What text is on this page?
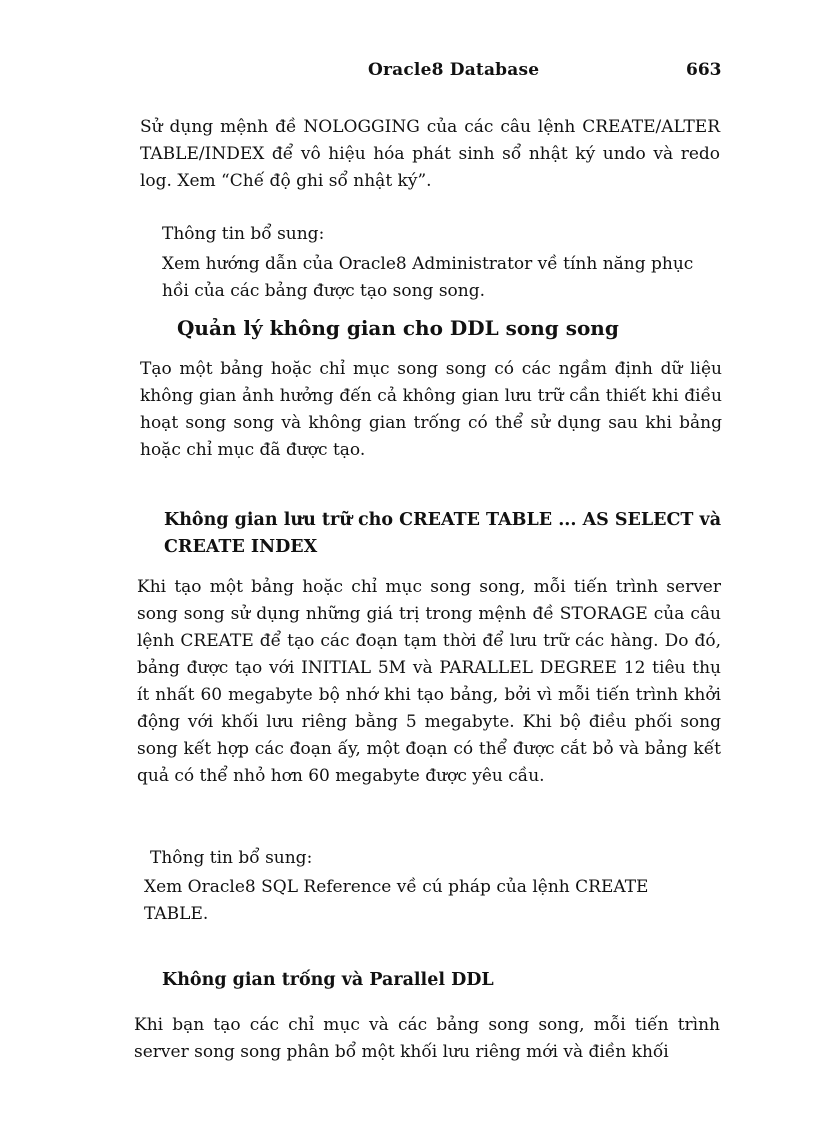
Oracle8 Database	663

Sử dụng mệnh đề NOLOGGING của các câu lệnh CREATE/ALTER TABLE/INDEX để vô hiệu hóa phát sinh sổ nhật ký undo và redo log. Xem “Chế độ ghi sổ nhật ký”.

Thông tin bổ sung:

Xem hướng dẫn của Oracle8 Administrator về tính năng phục hồi của các bảng được tạo song song.

Quản lý không gian cho DDL song song

Tạo một bảng hoặc chỉ mục song song có các ngầm định dữ liệu không gian ảnh hưởng đến cả không gian lưu trữ cần thiết khi điều hoạt song song và không gian trống có thể sử dụng sau khi bảng hoặc chỉ mục đã được tạo.

Không gian lưu trữ cho CREATE TABLE ... AS SELECT và CREATE INDEX

Khi tạo một bảng hoặc chỉ mục song song, mỗi tiến trình server song song sử dụng những giá trị trong mệnh đề STORAGE của câu lệnh CREATE để tạo các đoạn tạm thời để lưu trữ các hàng. Do đó, bảng được tạo với INITIAL 5M và PARALLEL DEGREE 12 tiêu thụ ít nhất 60 megabyte bộ nhớ khi tạo bảng, bởi vì mỗi tiến trình khởi động với khối lưu riêng bằng 5 megabyte. Khi bộ điều phối song song kết hợp các đoạn ấy, một đoạn có thể được cắt bỏ và bảng kết quả có thể nhỏ hơn 60 megabyte được yêu cầu.

Thông tin bổ sung:

Xem Oracle8 SQL Reference về cú pháp của lệnh CREATE TABLE.

Không gian trống và Parallel DDL

Khi bạn tạo các chỉ mục và các bảng song song, mỗi tiến trình server song song phân bổ một khối lưu riêng mới và điền khối
